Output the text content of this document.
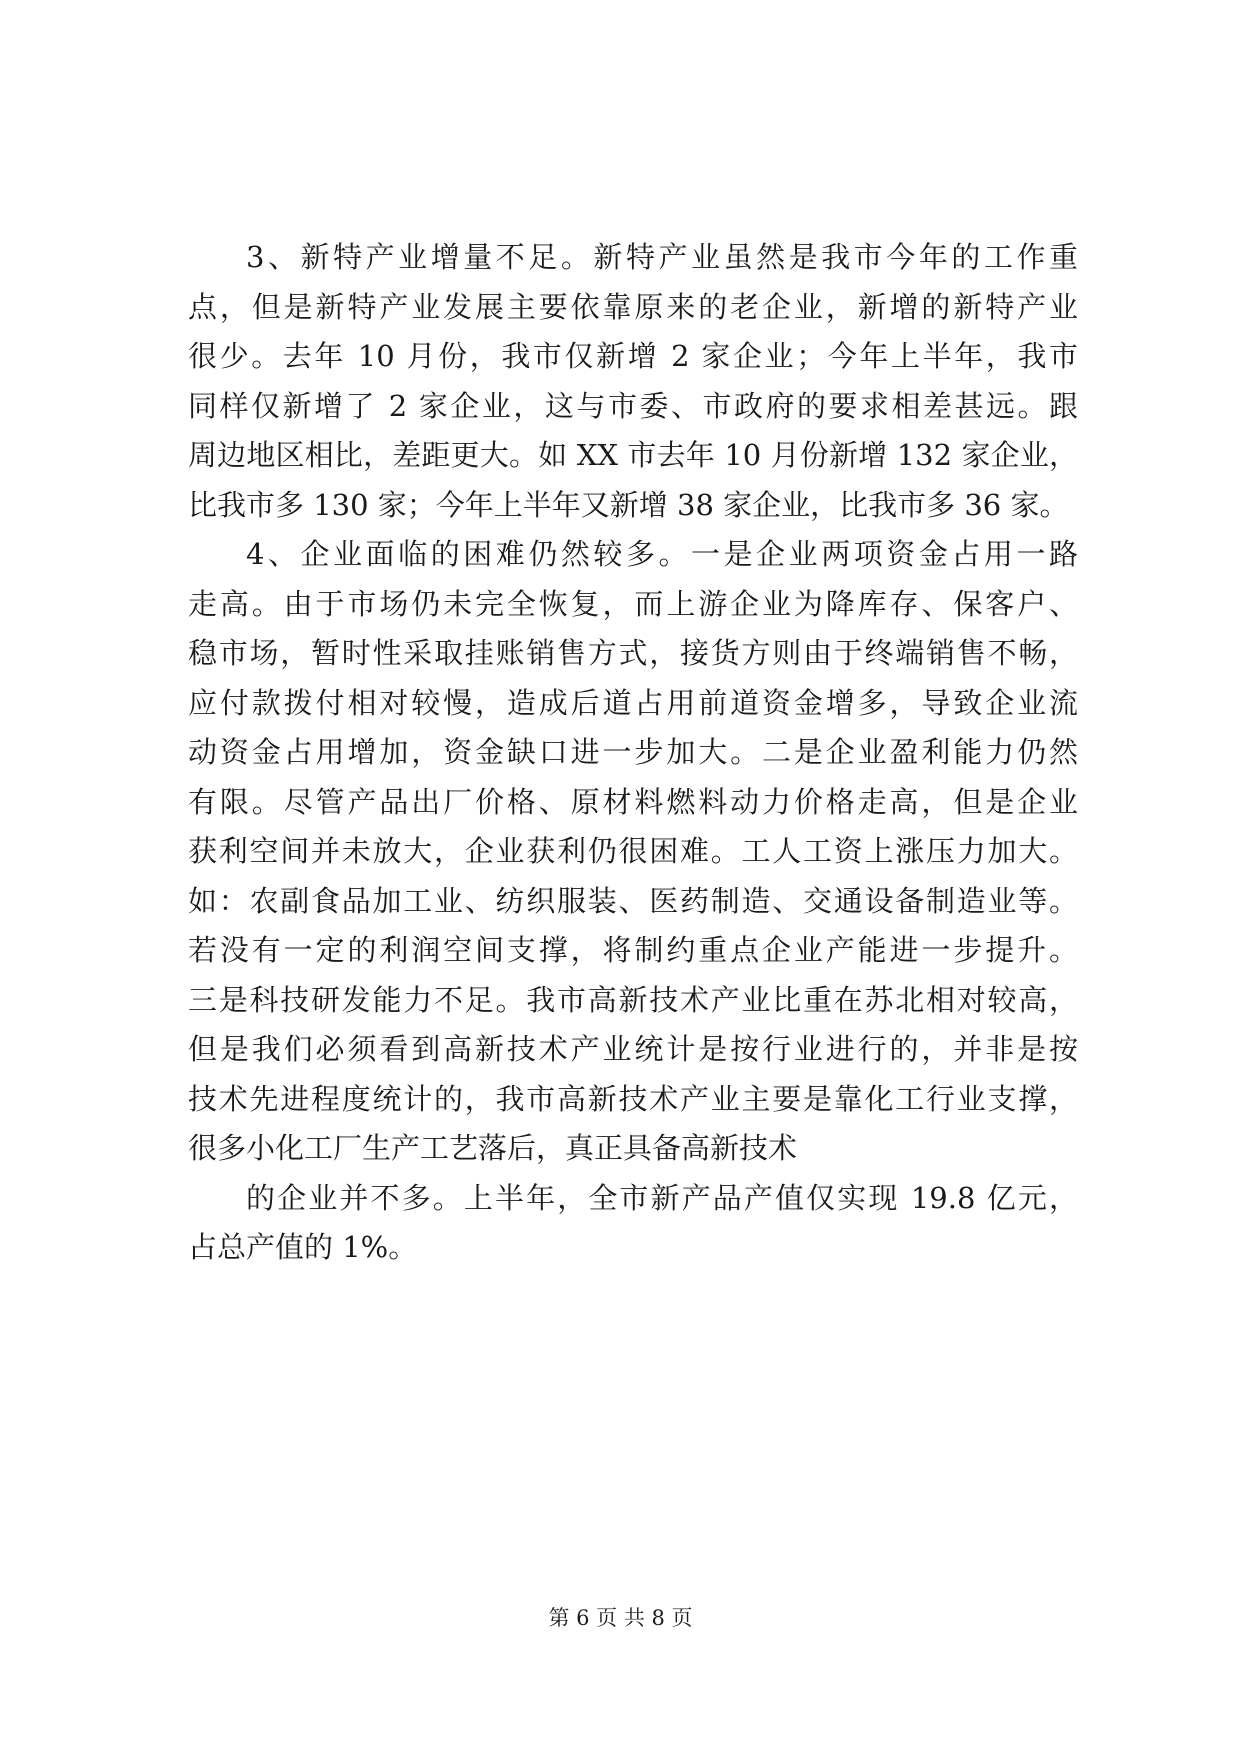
3、新特产业增量不足。新特产业虽然是我市今年的工作重
点，但是新特产业发展主要依靠原来的老企业，新增的新特产业
很少。去年 10 月份，我市仅新增 2 家企业；今年上半年，我市
同样仅新增了 2 家企业，这与市委、市政府的要求相差甚远。跟
周边地区相比，差距更大。如 XX 市去年 10 月份新增 132 家企业，
比我市多 130 家；今年上半年又新增 38 家企业，比我市多 36 家。
4、企业面临的困难仍然较多。一是企业两项资金占用一路
走高。由于市场仍未完全恢复，而上游企业为降库存、保客户、
稳市场，暂时性采取挂账销售方式，接货方则由于终端销售不畅，
应付款拨付相对较慢，造成后道占用前道资金增多，导致企业流
动资金占用增加，资金缺口进一步加大。二是企业盈利能力仍然
有限。尽管产品出厂价格、原材料燃料动力价格走高，但是企业
获利空间并未放大，企业获利仍很困难。工人工资上涨压力加大。
如：农副食品加工业、纺织服装、医药制造、交通设备制造业等。
若没有一定的利润空间支撑，将制约重点企业产能进一步提升。
三是科技研发能力不足。我市高新技术产业比重在苏北相对较高，
但是我们必须看到高新技术产业统计是按行业进行的，并非是按
技术先进程度统计的，我市高新技术产业主要是靠化工行业支撑，
很多小化工厂生产工艺落后，真正具备高新技术
的企业并不多。上半年，全市新产品产值仅实现 19.8 亿元，
占总产值的 1%。
第 6 页 共 8 页
